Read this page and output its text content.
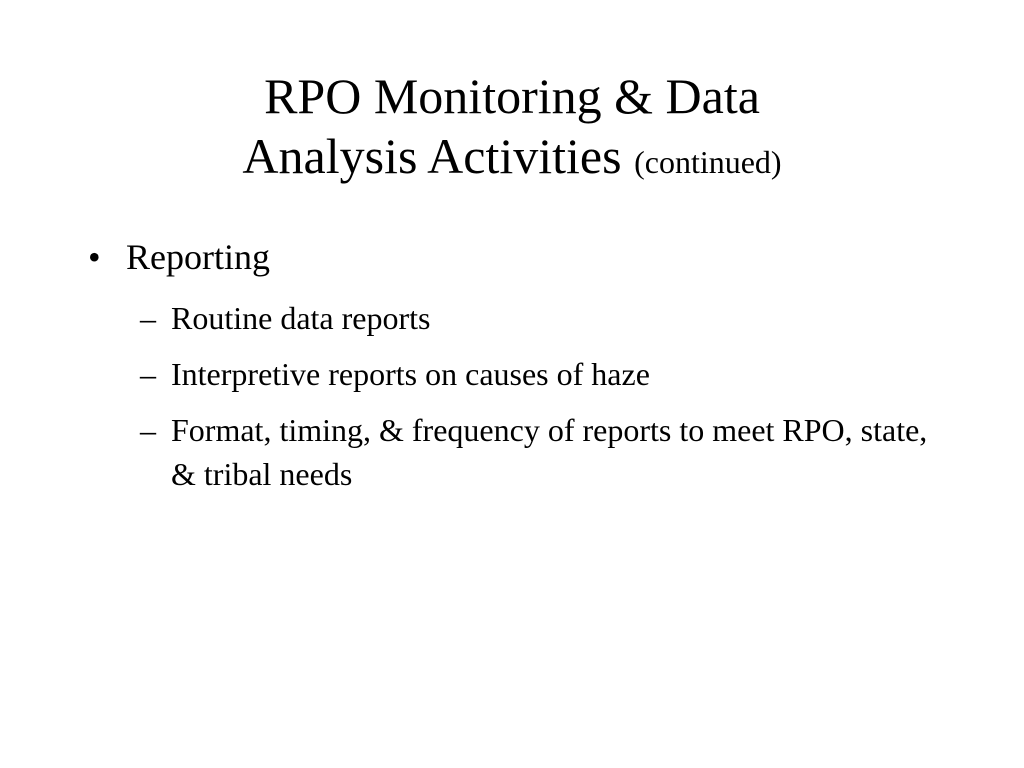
RPO Monitoring & Data
Analysis Activities (continued)
• Reporting
– Routine data reports
– Interpretive reports on causes of haze
– Format, timing, & frequency of reports to meet RPO, state, & tribal needs
